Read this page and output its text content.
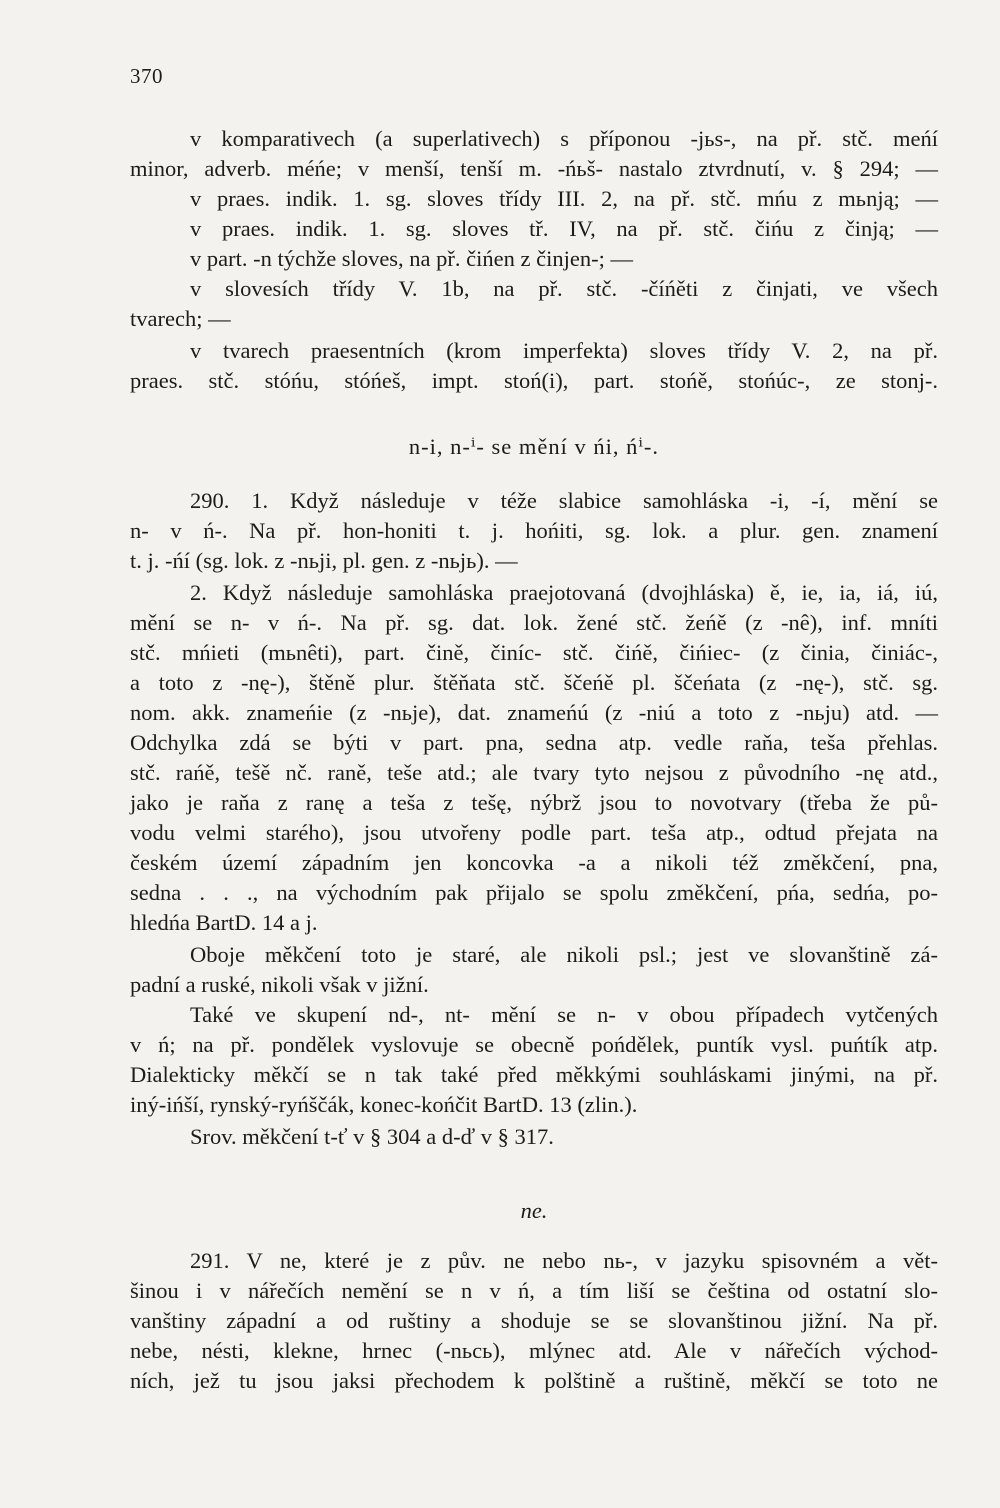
370
v komparativech (a superlativech) s příponou -jьs-, na př. stč. meńí
minor, adverb. méńe; v menší, tenší m. -ńьš- nastalo ztvrdnutí, v. § 294; —
v praes. indik. 1. sg. sloves třídy III. 2, na př. stč. mńu z mьnją; —
v praes. indik. 1. sg. sloves tř. IV, na př. stč. čińu z činją; —
v part. -n týchže sloves, na př. čińen z činjen-; —
v slovesích třídy V. 1b, na př. stč. -číńěti z činjati, ve všech
tvarech; —
v tvarech praesentních (krom imperfekta) sloves třídy V. 2, na př.
praes. stč. stóńu, stóńeš, impt. stoń(i), part. stońě, stońúc-, ze stonj-.
n-i, n-ⁱ- se mění v ńi, ńⁱ-.
290. 1. Když následuje v téže slabice samohláska -i, -í, mění se
n- v ń-. Na př. hon-honiti t. j. hońiti, sg. lok. a plur. gen. znamení
t. j. -ńí (sg. lok. z -nьji, pl. gen. z -nьjь). —
2. Když následuje samohláska praejotovaná (dvojhláska) ě, ie, ia, iá, iú,
mění se n- v ń-. Na př. sg. dat. lok. žené stč. žeńě (z -nê), inf. mníti
stč. mńieti (mьnêti), part. čině, činíc- stč. čińě, čińiec- (z činia, činiác-,
a toto z -nę-), štěně plur. štěňata stč. ščeńě pl. ščeńata (z -nę-), stč. sg.
nom. akk. znameńie (z -nьje), dat. znameńú (z -niú a toto z -nьju) atd. —
Odchylka zdá se býti v part. pna, sedna atp. vedle raňa, teša přehlas.
stč. rańě, tešě nč. raně, teše atd.; ale tvary tyto nejsou z původního -nę atd.,
jako je raňa z ranę a teša z tešę, nýbrž jsou to novotvary (třeba že pů-
vodu velmi starého), jsou utvořeny podle part. teša atp., odtud přejata na
českém území západním jen koncovka -a a nikoli též změkčení, pna,
sedna . . ., na východním pak přijalo se spolu změkčení, pńa, sedńa, po-
hledńa BartD. 14 a j.
Oboje měkčení toto je staré, ale nikoli psl.; jest ve slovanštině zá-
padní a ruské, nikoli však v jižní.
Také ve skupení nd-, nt- mění se n- v obou případech vytčených
v ń; na př. pondělek vyslovuje se obecně pońdělek, puntík vysl. puńtík atp.
Dialekticky měkčí se n tak také před měkkými souhláskami jinými, na př.
iný-ińší, rynský-ryńščák, konec-końčit BartD. 13 (zlin.).
Srov. měkčení t-ť v § 304 a d-ď v § 317.
ne.
291. V ne, které je z pův. ne nebo nь-, v jazyku spisovném a vět-
šinou i v nářečích nemění se n v ń, a tím liší se čeština od ostatní slo-
vanštiny západní a od ruštiny a shoduje se se slovanštinou jižní. Na př.
nebe, nésti, klekne, hrnec (-nьcь), mlýnec atd. Ale v nářečích východ-
ních, jež tu jsou jaksi přechodem k polštině a ruštině, měkčí se toto ne
